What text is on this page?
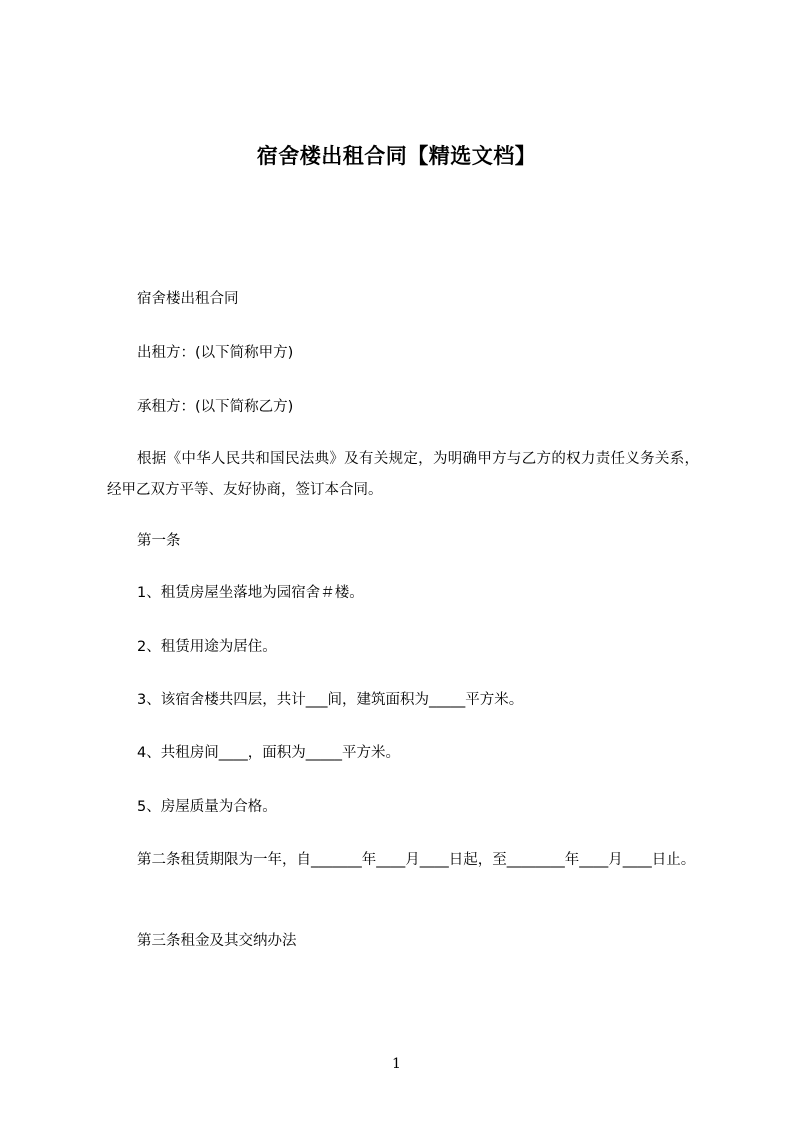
宿舍楼出租合同【精选文档】
宿舍楼出租合同
出租方：(以下简称甲方)
承租方：(以下简称乙方)
根据《中华人民共和国民法典》及有关规定，为明确甲方与乙方的权力责任义务关系，经甲乙双方平等、友好协商，签订本合同。
第一条
1、租赁房屋坐落地为园宿舍＃楼。
2、租赁用途为居住。
3、该宿舍楼共四层，共计___间，建筑面积为_____平方米。
4、共租房间____，面积为_____平方米。
5、房屋质量为合格。
第二条租赁期限为一年，自_______年____月____日起，至________年____月____日止。
第三条租金及其交纳办法
1
